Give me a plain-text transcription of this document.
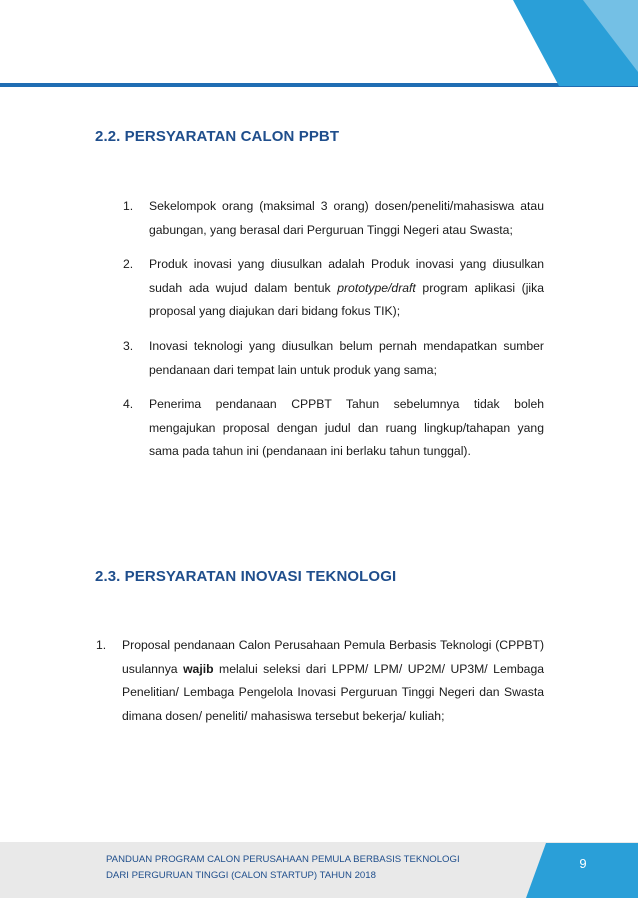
2.2. PERSYARATAN CALON PPBT
1. Sekelompok orang (maksimal 3 orang) dosen/peneliti/mahasiswa atau gabungan, yang berasal dari Perguruan Tinggi Negeri atau Swasta;
2. Produk inovasi yang diusulkan adalah Produk inovasi yang diusulkan sudah ada wujud dalam bentuk prototype/draft program aplikasi (jika proposal yang diajukan dari bidang fokus TIK);
3. Inovasi teknologi yang diusulkan belum pernah mendapatkan sumber pendanaan dari tempat lain untuk produk yang sama;
4. Penerima pendanaan CPPBT Tahun sebelumnya tidak boleh mengajukan proposal dengan judul dan ruang lingkup/tahapan yang sama pada tahun ini (pendanaan ini berlaku tahun tunggal).
2.3. PERSYARATAN INOVASI TEKNOLOGI
1. Proposal pendanaan Calon Perusahaan Pemula Berbasis Teknologi (CPPBT) usulannya wajib melalui seleksi dari LPPM/ LPM/ UP2M/ UP3M/ Lembaga Penelitian/ Lembaga Pengelola Inovasi Perguruan Tinggi Negeri dan Swasta dimana dosen/ peneliti/ mahasiswa tersebut bekerja/ kuliah;
PANDUAN PROGRAM CALON PERUSAHAAN PEMULA BERBASIS TEKNOLOGI
DARI PERGURUAN TINGGI (CALON STARTUP) TAHUN 2018
9
